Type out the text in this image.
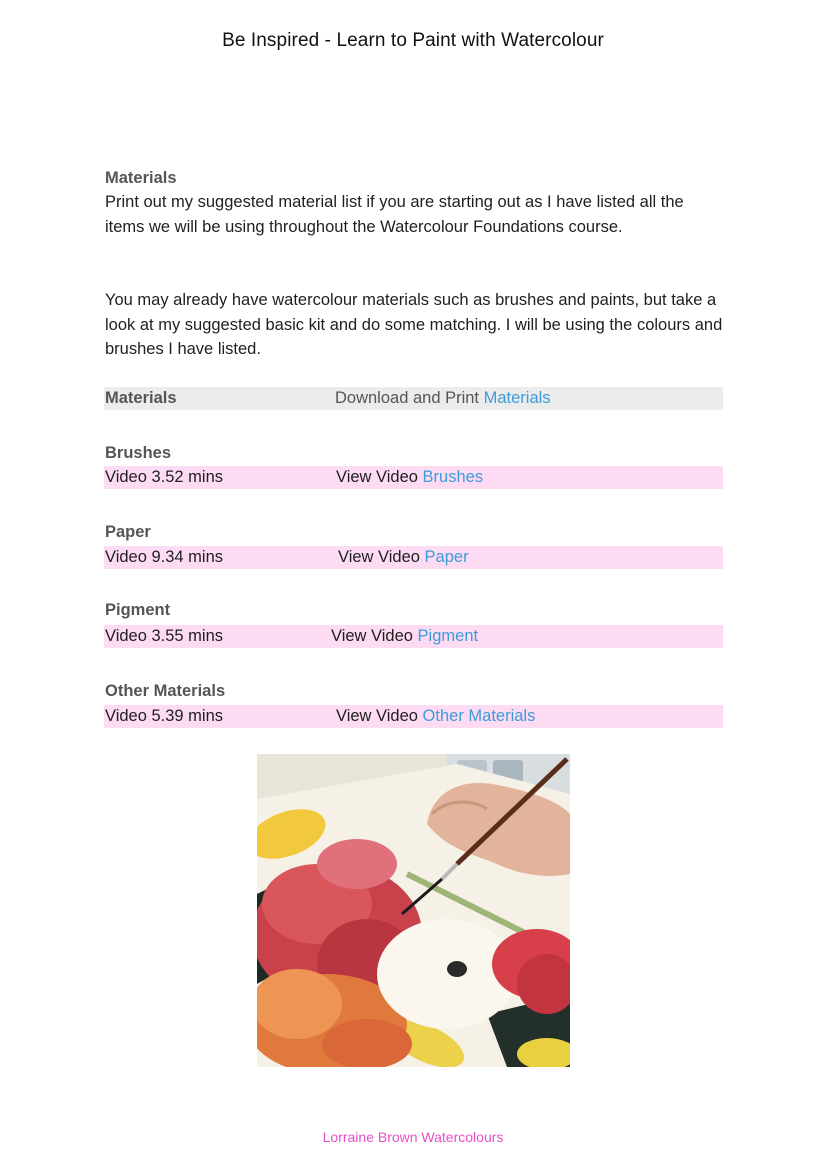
Be Inspired - Learn to Paint with Watercolour
Materials

Print out my suggested material list if you are starting out as I have listed all the items we will be using throughout the Watercolour Foundations course.

You may already have watercolour materials such as brushes and paints, but take a look at my suggested basic kit and do some matching. I will be using the colours and brushes I have listed.

Materials	Download and Print Materials
Brushes
Video 3.52 mins	View Video Brushes
Paper
Video 9.34 mins	View Video Paper
Pigment
Video 3.55 mins	View Video Pigment
Other Materials
Video 5.39 mins	View Video Other Materials
Lorraine Brown Watercolours
